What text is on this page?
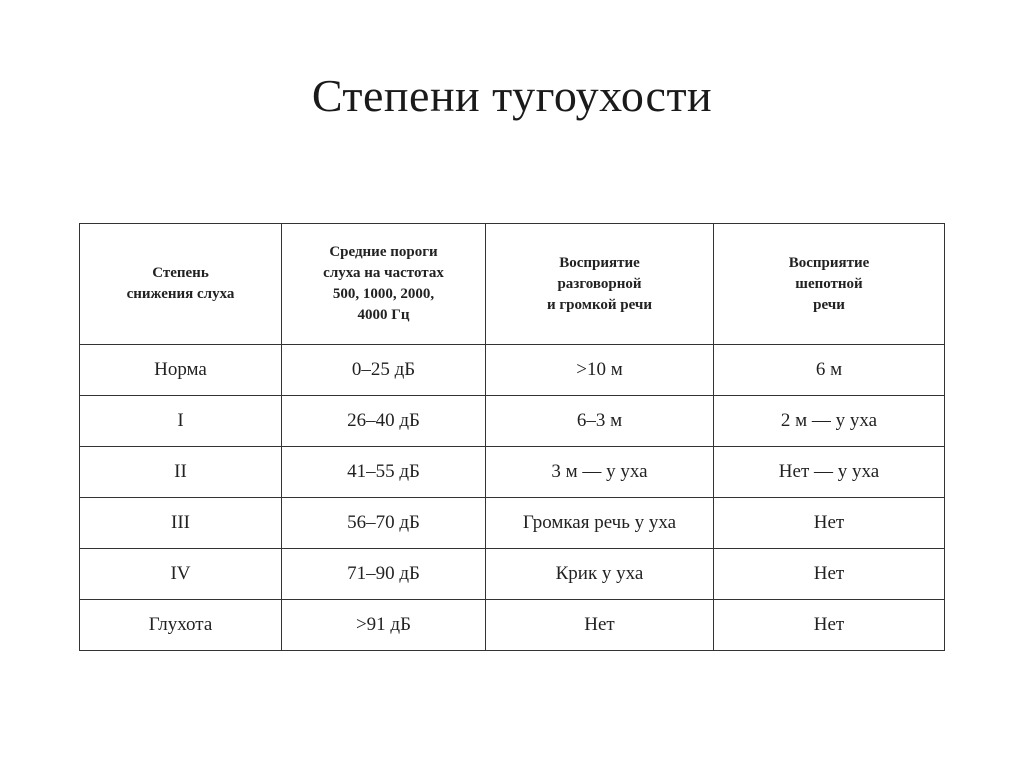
Степени тугоухости
Степень
снижения слуха	Средние пороги
слуха на частотах
500, 1000, 2000,
4000 Гц	Восприятие
разговорной
и громкой речи	Восприятие
шепотной
речи
Норма	0–25 дБ	>10 м	6 м
I	26–40 дБ	6–3 м	2 м — у уха
II	41–55 дБ	3 м — у уха	Нет — у уха
III	56–70 дБ	Громкая речь у уха	Нет
IV	71–90 дБ	Крик у уха	Нет
Глухота	>91 дБ	Нет	Нет
